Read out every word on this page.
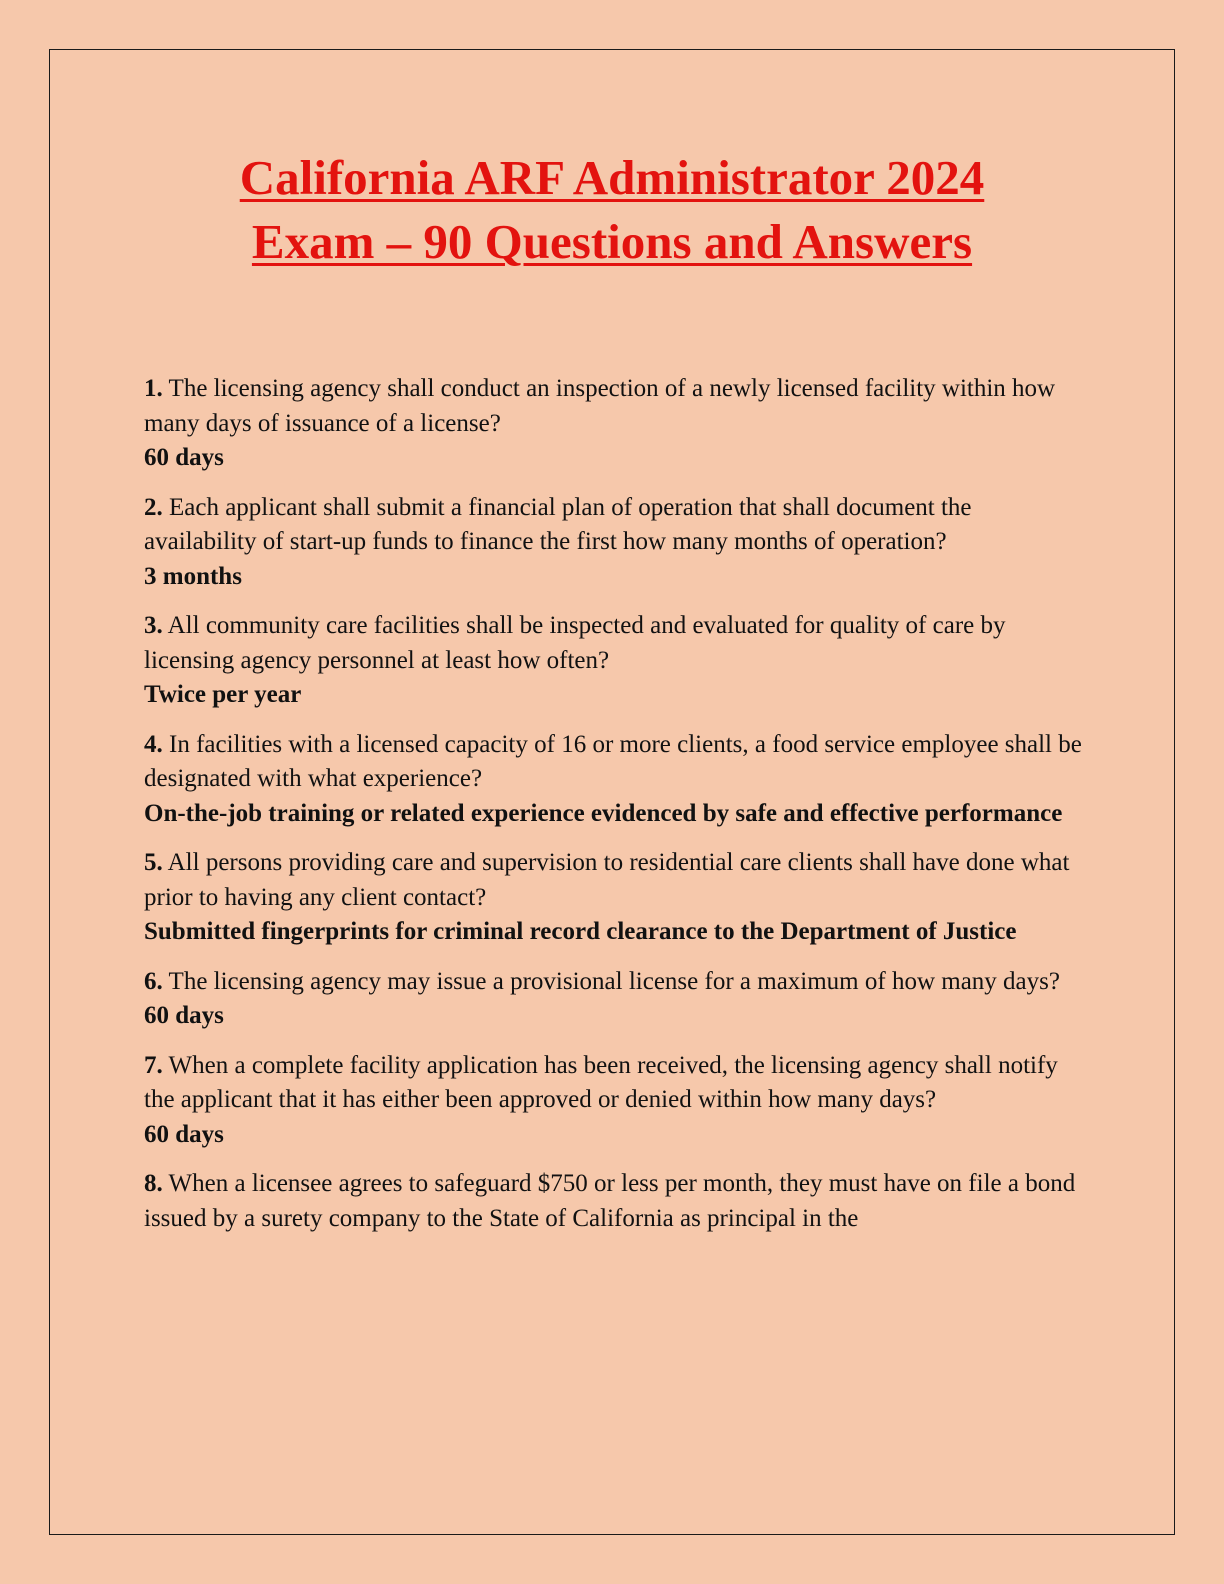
California ARF Administrator 2024
Exam – 90 Questions and Answers
1. The licensing agency shall conduct an inspection of a newly licensed facility within how many days of issuance of a license?
60 days
2. Each applicant shall submit a financial plan of operation that shall document the availability of start-up funds to finance the first how many months of operation?
3 months
3. All community care facilities shall be inspected and evaluated for quality of care by licensing agency personnel at least how often?
Twice per year
4. In facilities with a licensed capacity of 16 or more clients, a food service employee shall be designated with what experience?
On-the-job training or related experience evidenced by safe and effective performance
5. All persons providing care and supervision to residential care clients shall have done what prior to having any client contact?
Submitted fingerprints for criminal record clearance to the Department of Justice
6. The licensing agency may issue a provisional license for a maximum of how many days?
60 days
7. When a complete facility application has been received, the licensing agency shall notify the applicant that it has either been approved or denied within how many days?
60 days
8. When a licensee agrees to safeguard $750 or less per month, they must have on file a bond issued by a surety company to the State of California as principal in the
